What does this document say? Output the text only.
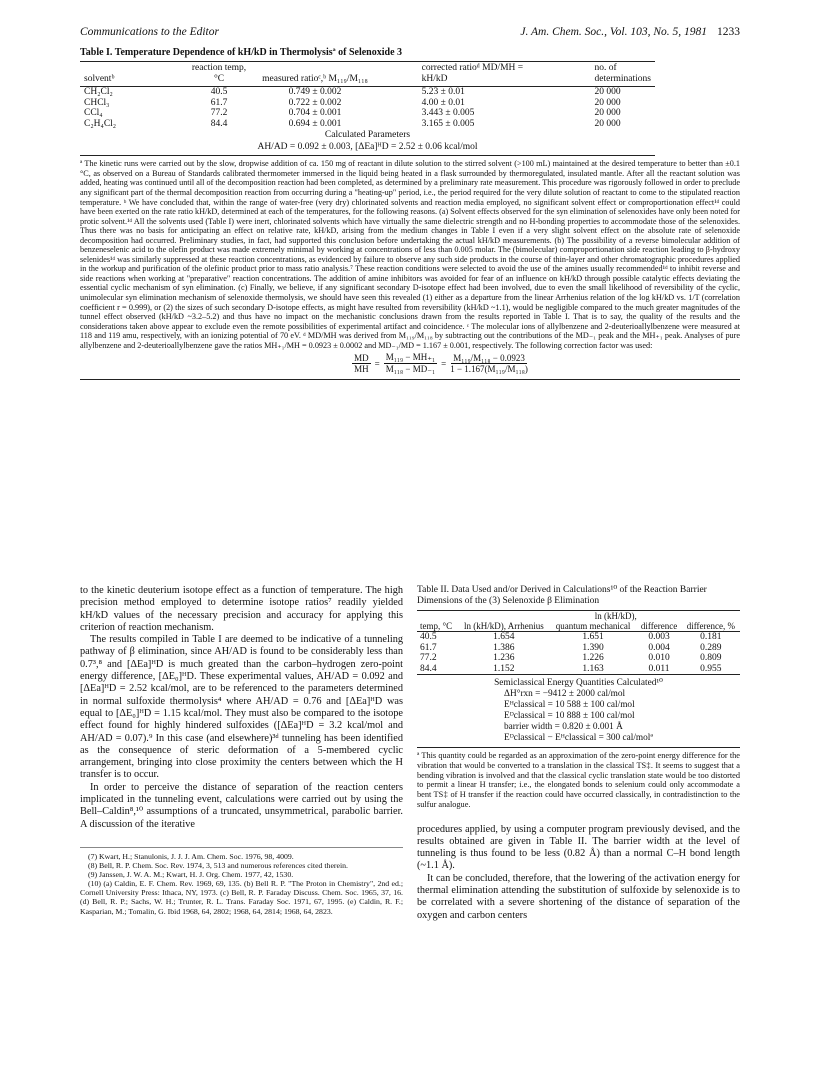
Communications to the Editor	J. Am. Chem. Soc., Vol. 103, No. 5, 1981 1233
Table I. Temperature Dependence of kH/kD in Thermolysisª of Selenoxide 3
solventᵇ	reaction temp, °C	measured ratioᶜ,ᵇ M₁₁₉/M₁₁₈	corrected ratioᵈ MD/MH = kH/kD	no. of determinations
CH₂Cl₂	40.5	0.749 ± 0.002	5.23 ± 0.01	20 000
CHCl₃	61.7	0.722 ± 0.002	4.00 ± 0.01	20 000
CCl₄	77.2	0.704 ± 0.001	3.443 ± 0.005	20 000
C₂H₄Cl₂	84.4	0.694 ± 0.001	3.165 ± 0.005	20 000
Calculated Parameters
AH/AD = 0.092 ± 0.003, [ΔEa]ᴴD = 2.52 ± 0.06 kcal/mol

ª The kinetic runs were carried out by the slow, dropwise addition of ca. 150 mg of reactant in dilute solution to the stirred solvent (>100 mL) maintained at the desired temperature to better than ±0.1 °C, as observed on a Bureau of Standards calibrated thermometer immersed in the liquid being heated in a flask surrounded by thermoregulated, insulated mantle. After all the reactant solution was added, heating was continued until all of the decomposition reaction had been completed, as determined by a preliminary rate measurement. This procedure was rigorously followed in order to preclude any significant part of the thermal decomposition reaction from occurring during a "heating-up" period, i.e., the period required for the very dilute solution of reactant to come to the stipulated reaction temperature. ᵇ We have concluded that, within the range of water-free (very dry) chlorinated solvents and reaction media employed, no significant solvent effect or comproportionation effect¹ᵈ could have been exerted on the rate ratio kH/kD, determined at each of the temperatures, for the following reasons. (a) Solvent effects observed for the syn elimination of selenoxides have only been noted for protic solvent.¹ᵈ All the solvents used (Table I) were inert, chlorinated solvents which have virtually the same dielectric strength and no H-bonding properties to accommodate those of the selenoxides. Thus there was no basis for anticipating an effect on relative rate, kH/kD, arising from the medium changes in Table I even if a very slight solvent effect on the absolute rate of selenoxide decomposition had occurred. Preliminary studies, in fact, had supported this conclusion before undertaking the actual kH/kD measurements. (b) The possibility of a reverse bimolecular addition of benzeneselenic acid to the olefin product was made extremely minimal by working at concentrations of less than 0.005 molar. The (bimolecular) comproportionation side reaction leading to β-hydroxy selenides¹ᵈ was similarly suppressed at these reaction concentrations, as evidenced by failure to observe any such side products in the course of thin-layer and other chromatographic procedures applied in the workup and purification of the olefinic product prior to mass ratio analysis.⁷ These reaction conditions were selected to avoid the use of the amines usually recommended¹ᵈ to inhibit reverse and side reactions when working at "preparative" reaction concentrations. The addition of amine inhibitors was avoided for fear of an influence on kH/kD through possible catalytic effects deviating the essential cyclic mechanism of syn elimination. (c) Finally, we believe, if any significant secondary D-isotope effect had been involved, due to even the small likelihood of reversibility of the cyclic, unimolecular syn elimination mechanism of selenoxide thermolysis, we should have seen this revealed (1) either as a departure from the linear Arrhenius relation of the log kH/kD vs. 1/T (correlation coefficient r = 0.999), or (2) the sizes of such secondary D-isotope effects, as might have resulted from reversibility (kH/kD ~1.1), would be negligible compared to the much greater magnitudes of the tunnel effect observed (kH/kD ~3.2–5.2) and thus have no impact on the mechanistic conclusions drawn from the results reported in Table I. That is to say, the quality of the results and the considerations taken above appear to exclude even the remote possibilities of experimental artifact and coincidence. ᶜ The molecular ions of allylbenzene and 2-deuterioallylbenzene were measured at 118 and 119 amu, respectively, with an ionizing potential of 70 eV. ᵈ MD/MH was derived from M₁₁₉/M₁₁₈ by subtracting out the contributions of the MD₋₁ peak and the MH₊₁ peak. Analyses of pure allylbenzene and 2-deuterioallylbenzene gave the ratios MH₊₁/MH = 0.0923 ± 0.0002 and MD₋₁/MD = 1.167 ± 0.001, respectively. The following correction factor was used:

$\frac{MD}{MH} = \frac{\text{M₁₁₉ − MH₊₁}}{\text{M₁₁₈ − MD₋₁}} = \frac{\text{M₁₁₉/M₁₁₈ − 0.0923}}{\text{1 − 1.167(M₁₁₉/M₁₁₈)}}$

to the kinetic deuterium isotope effect as a function of temperature. The high precision method employed to determine isotope ratios⁷ readily yielded kH/kD values of the necessary precision and accuracy for applying this criterion of reaction mechanism.

The results compiled in Table I are deemed to be indicative of a tunneling pathway of β elimination, since AH/AD is found to be considerably less than 0.7³,⁸ and [ΔEa]ᴴD is much greated than the carbon–hydrogen zero-point energy difference, [ΔE₀]ᴴD. These experimental values, AH/AD = 0.092 and [ΔEa]ᴴD = 2.52 kcal/mol, are to be referenced to the parameters determined in normal sulfoxide thermolysis⁴ where AH/AD = 0.76 and [ΔEa]ᴴD was equal to [ΔE₀]ᴴD = 1.15 kcal/mol. They must also be compared to the isotope effect found for highly hindered sulfoxides ([ΔEa]ᴴD = 3.2 kcal/mol and AH/AD = 0.07).⁹ In this case (and elsewhere)³ᵈ tunneling has been identified as the consequence of steric deformation of a 5-membered cyclic arrangement, bringing into close proximity the centers between which the H transfer is to occur.

In order to perceive the distance of separation of the reaction centers implicated in the tunneling event, calculations were carried out by using the Bell–Caldin⁸,¹⁰ assumptions of a truncated, unsymmetrical, parabolic barrier. A discussion of the iterative

(7) Kwart, H.; Stanulonis, J. J. J. Am. Chem. Soc. 1976, 98, 4009.

(8) Bell, R. P. Chem. Soc. Rev. 1974, 3, 513 and numerous references cited therein.

(9) Janssen, J. W. A. M.; Kwart, H. J. Org. Chem. 1977, 42, 1530.

(10) (a) Caldin, E. F. Chem. Rev. 1969, 69, 135. (b) Bell R. P. "The Proton in Chemistry", 2nd ed.; Cornell University Press: Ithaca, NY, 1973. (c) Bell, R. P. Faraday Discuss. Chem. Soc. 1965, 37, 16. (d) Bell, R. P.; Sachs, W. H.; Trunter, R. L. Trans. Faraday Soc. 1971, 67, 1995. (e) Caldin, R. F.; Kasparian, M.; Tomalin, G. Ibid 1968, 64, 2802; 1968, 64, 2814; 1968, 64, 2823.

Table II. Data Used and/or Derived in Calculations¹⁰ of the Reaction Barrier Dimensions of the (3) Selenoxide β Elimination
		ln (kH/kD),		
temp, °C	ln (kH/kD), Arrhenius	quantum mechanical	difference	difference, %
40.5	1.654	1.651	0.003	0.181
61.7	1.386	1.390	0.004	0.289
77.2	1.236	1.226	0.010	0.809
84.4	1.152	1.163	0.011	0.955
Semiclassical Energy Quantities Calculated¹⁰
ΔH°rxn = −9412 ± 2000 cal/mol
Eᴴclassical = 10 588 ± 100 cal/mol
Eᴰclassical = 10 888 ± 100 cal/mol
barrier width = 0.820 ± 0.001 Å
Eᴰclassical − Eᴴclassical = 300 cal/molª

ª This quantity could be regarded as an approximation of the zero-point energy difference for the vibration that would be converted to a translation in the classical TS‡. It seems to suggest that a bending vibration is involved and that the classical cyclic translation state would be too distorted to permit a linear H transfer; i.e., the elongated bonds to selenium could only accommodate a bent TS‡ of H transfer if the reaction could have occurred classically, in contradistinction to the sulfur analogue.

procedures applied, by using a computer program previously devised, and the results obtained are given in Table II. The barrier width at the level of tunneling is thus found to be less (0.82 Å) than a normal C–H bond length (~1.1 Å).

It can be concluded, therefore, that the lowering of the activation energy for thermal elimination attending the substitution of sulfoxide by selenoxide is to be correlated with a severe shortening of the distance of separation of the oxygen and carbon centers
